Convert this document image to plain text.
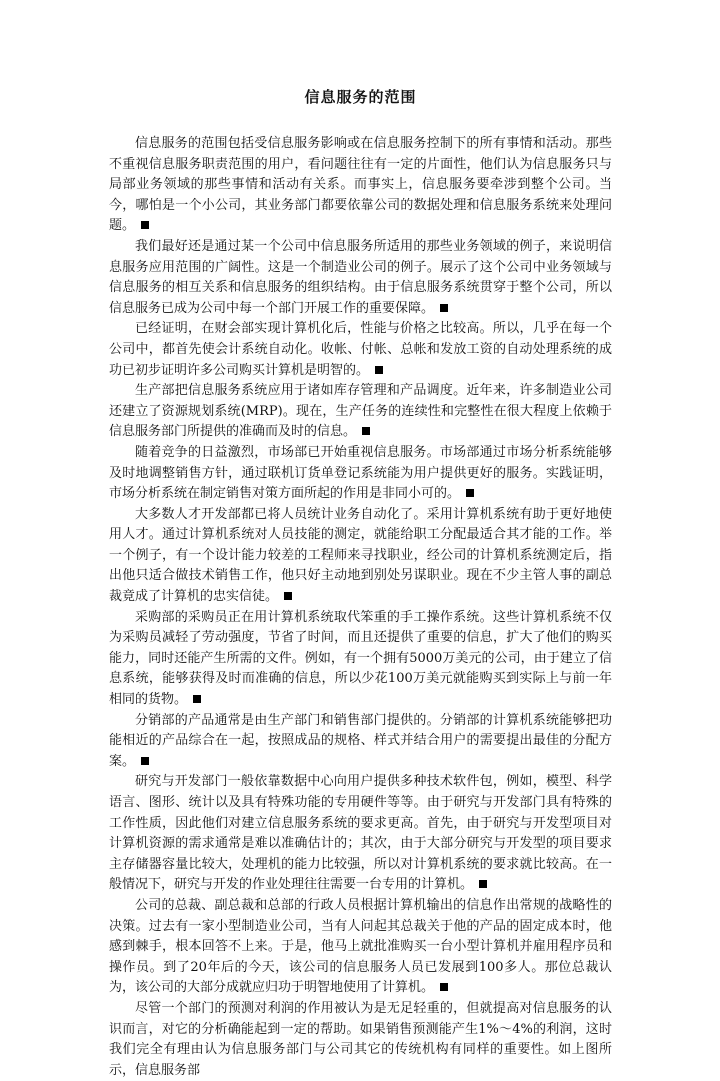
信息服务的范围

信息服务的范围包括受信息服务影响或在信息服务控制下的所有事情和活动。那些不重视信息服务职责范围的用户，看问题往往有一定的片面性，他们认为信息服务只与局部业务领域的那些事情和活动有关系。而事实上，信息服务要牵涉到整个公司。当今，哪怕是一个小公司，其业务部门都要依靠公司的数据处理和信息服务系统来处理问题。

我们最好还是通过某一个公司中信息服务所适用的那些业务领域的例子，来说明信息服务应用范围的广阔性。这是一个制造业公司的例子。展示了这个公司中业务领域与信息服务的相互关系和信息服务的组织结构。由于信息服务系统贯穿于整个公司，所以信息服务已成为公司中每一个部门开展工作的重要保障。

已经证明，在财会部实现计算机化后，性能与价格之比较高。所以，几乎在每一个公司中，都首先使会计系统自动化。收帐、付帐、总帐和发放工资的自动处理系统的成功已初步证明许多公司购买计算机是明智的。

生产部把信息服务系统应用于诸如库存管理和产品调度。近年来，许多制造业公司还建立了资源规划系统(MRP)。现在，生产任务的连续性和完整性在很大程度上依赖于信息服务部门所提供的准确而及时的信息。

随着竞争的日益激烈，市场部已开始重视信息服务。市场部通过市场分析系统能够及时地调整销售方针，通过联机订货单登记系统能为用户提供更好的服务。实践证明，市场分析系统在制定销售对策方面所起的作用是非同小可的。

大多数人才开发部都已将人员统计业务自动化了。采用计算机系统有助于更好地使用人才。通过计算机系统对人员技能的测定，就能给职工分配最适合其才能的工作。举一个例子，有一个设计能力较差的工程师来寻找职业，经公司的计算机系统测定后，指出他只适合做技术销售工作，他只好主动地到别处另谋职业。现在不少主管人事的副总裁竟成了计算机的忠实信徒。

采购部的采购员正在用计算机系统取代笨重的手工操作系统。这些计算机系统不仅为采购员减轻了劳动强度，节省了时间，而且还提供了重要的信息，扩大了他们的购买能力，同时还能产生所需的文件。例如，有一个拥有5000万美元的公司，由于建立了信息系统，能够获得及时而准确的信息，所以少花100万美元就能购买到实际上与前一年相同的货物。

分销部的产品通常是由生产部门和销售部门提供的。分销部的计算机系统能够把功能相近的产品综合在一起，按照成品的规格、样式并结合用户的需要提出最佳的分配方案。

研究与开发部门一般依靠数据中心向用户提供多种技术软件包，例如，模型、科学语言、图形、统计以及具有特殊功能的专用硬件等等。由于研究与开发部门具有特殊的工作性质，因此他们对建立信息服务系统的要求更高。首先，由于研究与开发型项目对计算机资源的需求通常是难以准确估计的；其次，由于大部分研究与开发型的项目要求主存储器容量比较大，处理机的能力比较强，所以对计算机系统的要求就比较高。在一般情况下，研究与开发的作业处理往往需要一台专用的计算机。

公司的总裁、副总裁和总部的行政人员根据计算机输出的信息作出常规的战略性的决策。过去有一家小型制造业公司，当有人问起其总裁关于他的产品的固定成本时，他感到棘手，根本回答不上来。于是，他马上就批准购买一台小型计算机并雇用程序员和操作员。到了20年后的今天，该公司的信息服务人员已发展到100多人。那位总裁认为，该公司的大部分成就应归功于明智地使用了计算机。

尽管一个部门的预测对利润的作用被认为是无足轻重的，但就提高对信息服务的认识而言，对它的分析确能起到一定的帮助。如果销售预测能产生1%～4%的利润，这时我们完全有理由认为信息服务部门与公司其它的传统机构有同样的重要性。如上图所示，信息服务部
